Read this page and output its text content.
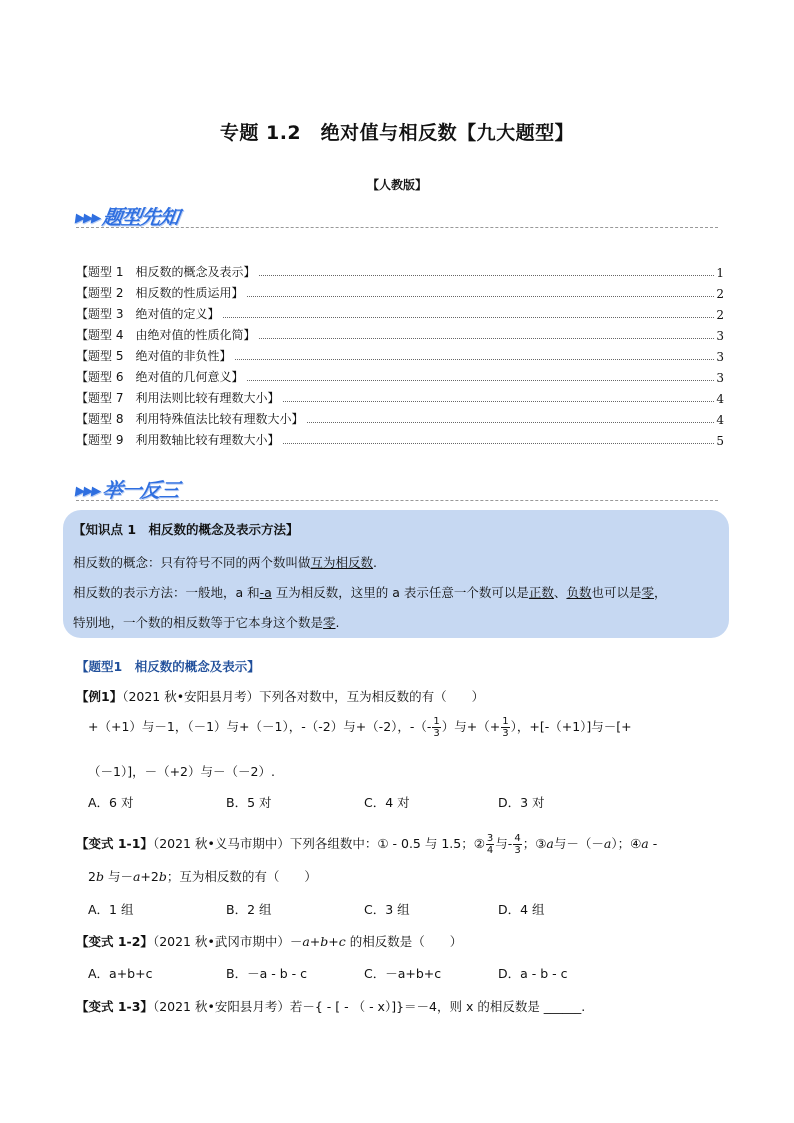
专题 1.2　绝对值与相反数【九大题型】
【人教版】
▶▶▶题型先知
【题型 1　相反数的概念及表示】	1
【题型 2　相反数的性质运用】	2
【题型 3　绝对值的定义】	2
【题型 4　由绝对值的性质化简】	3
【题型 5　绝对值的非负性】	3
【题型 6　绝对值的几何意义】	3
【题型 7　利用法则比较有理数大小】	4
【题型 8　利用特殊值法比较有理数大小】	4
【题型 9　利用数轴比较有理数大小】	5
▶▶▶举一反三
【知识点 1　相反数的概念及表示方法】
相反数的概念：只有符号不同的两个数叫做互为相反数.
相反数的表示方法：一般地，a 和-a 互为相反数，这里的 a 表示任意一个数可以是正数、负数也可以是零，
特别地，一个数的相反数等于它本身这个数是零.
【题型1　相反数的概念及表示】
【例1】（2021 秋•安阳县月考）下列各对数中，互为相反数的有（　　）
+（+1）与－1，（－1）与+（－1），-（-2）与+（-2），-（- $\frac{1}{3}$ ）与+（+ $\frac{1}{3}$ ），+[-（+1）]与－[+
（－1）]，－（+2）与－（－2）.
A．6 对	B．5 对	C．4 对	D．3 对
【变式 1-1】（2021 秋•义马市期中）下列各组数中：① - 0.5 与 1.5；② $\frac{3}{4}$ 与- $\frac{4}{3}$ ；③a与－（－a）；④a -
2b 与－a+2b；互为相反数的有（　　）
A．1 组	B．2 组	C．3 组	D．4 组
【变式 1-2】（2021 秋•武冈市期中）－a+b+c 的相反数是（　　）
A．a+b+c	B．－a - b - c	C．－a+b+c	D．a - b - c
【变式 1-3】（2021 秋•安阳县月考）若－{ - [ - （ - x）]}＝－4，则 x 的相反数是 ______.
